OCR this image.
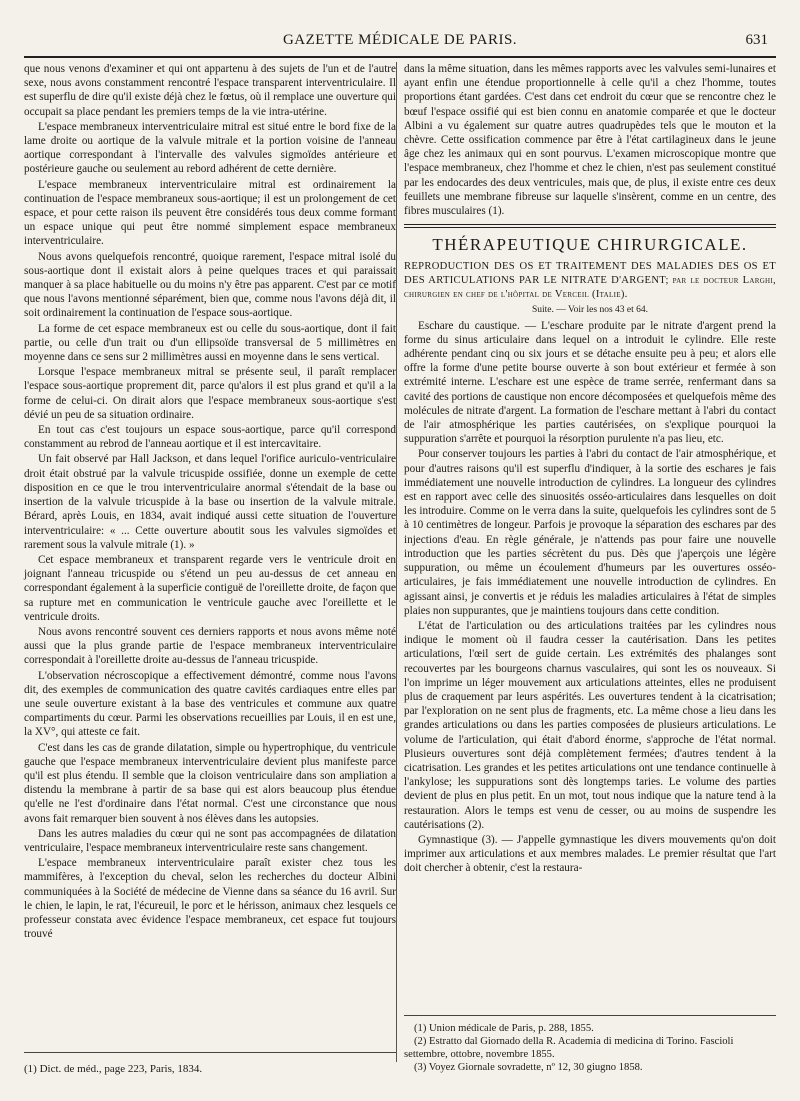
GAZETTE MÉDICALE DE PARIS.	631

que nous venons d'examiner et qui ont appartenu à des sujets de l'un et de l'autre sexe, nous avons constamment rencontré l'espace transparent interventriculaire. Il est superflu de dire qu'il existe déjà chez le fœtus, où il remplace une ouverture qui occupait sa place pendant les premiers temps de la vie intra-utérine.

L'espace membraneux interventriculaire mitral est situé entre le bord fixe de la lame droite ou aortique de la valvule mitrale et la portion voisine de l'anneau aortique correspondant à l'intervalle des valvules sigmoïdes antérieure et postérieure gauche ou seulement au rebord adhérent de cette dernière.

L'espace membraneux interventriculaire mitral est ordinairement la continuation de l'espace membraneux sous-aortique; il est un prolongement de cet espace, et pour cette raison ils peuvent être considérés tous deux comme formant un espace unique qui peut être nommé simplement espace membraneux interventriculaire.

Nous avons quelquefois rencontré, quoique rarement, l'espace mitral isolé du sous-aortique dont il existait alors à peine quelques traces et qui paraissait manquer à sa place habituelle ou du moins n'y être pas apparent. C'est par ce motif que nous l'avons mentionné séparément, bien que, comme nous l'avons déjà dit, il soit ordinairement la continuation de l'espace sous-aortique.

La forme de cet espace membraneux est ou celle du sous-aortique, dont il fait partie, ou celle d'un trait ou d'un ellipsoïde transversal de 5 millimètres en moyenne dans ce sens sur 2 millimètres aussi en moyenne dans le sens vertical.

Lorsque l'espace membraneux mitral se présente seul, il paraît remplacer l'espace sous-aortique proprement dit, parce qu'alors il est plus grand et qu'il a la forme de celui-ci. On dirait alors que l'espace membraneux sous-aortique s'est dévié un peu de sa situation ordinaire.

En tout cas c'est toujours un espace sous-aortique, parce qu'il correspond constamment au rebrod de l'anneau aortique et il est intercavitaire.

Un fait observé par Hall Jackson, et dans lequel l'orifice auriculo-ventriculaire droit était obstrué par la valvule tricuspide ossifiée, donne un exemple de cette disposition en ce que le trou interventriculaire anormal s'étendait de la base ou insertion de la valvule tricuspide à la base ou insertion de la valvule mitrale. Bérard, après Louis, en 1834, avait indiqué aussi cette situation de l'ouverture interventriculaire: « ... Cette ouverture aboutit sous les valvules sigmoïdes et rarement sous la valvule mitrale (1). »

Cet espace membraneux et transparent regarde vers le ventricule droit en joignant l'anneau tricuspide ou s'étend un peu au-dessus de cet anneau en correspondant également à la superficie contiguë de l'oreillette droite, de façon que sa rupture met en communication le ventricule gauche avec l'oreillette et le ventricule droits.

Nous avons rencontré souvent ces derniers rapports et nous avons même noté aussi que la plus grande partie de l'espace membraneux interventriculaire correspondait à l'oreillette droite au-dessus de l'anneau tricuspide.

L'observation nécroscopique a effectivement démontré, comme nous l'avons dit, des exemples de communication des quatre cavités cardiaques entre elles par une seule ouverture existant à la base des ventricules et commune aux quatre compartiments du cœur. Parmi les observations recueillies par Louis, il en est une, la XV°, qui atteste ce fait.

C'est dans les cas de grande dilatation, simple ou hypertrophique, du ventricule gauche que l'espace membraneux interventriculaire devient plus manifeste parce qu'il est plus étendu. Il semble que la cloison ventriculaire dans son ampliation a distendu la membrane à partir de sa base qui est alors beaucoup plus étendue qu'elle ne l'est d'ordinaire dans l'état normal. C'est une circonstance que nous avons fait remarquer bien souvent à nos élèves dans les autopsies.

Dans les autres maladies du cœur qui ne sont pas accompagnées de dilatation ventriculaire, l'espace membraneux interventriculaire reste sans changement.

L'espace membraneux interventriculaire paraît exister chez tous les mammifères, à l'exception du cheval, selon les recherches du docteur Albini communiquées à la Société de médecine de Vienne dans sa séance du 16 avril. Sur le chien, le lapin, le rat, l'écureuil, le porc et le hérisson, animaux chez lesquels ce professeur constata avec évidence l'espace membraneux, cet espace fut toujours trouvé

dans la même situation, dans les mêmes rapports avec les valvules semi-lunaires et ayant enfin une étendue proportionnelle à celle qu'il a chez l'homme, toutes proportions étant gardées. C'est dans cet endroit du cœur que se rencontre chez le bœuf l'espace ossifié qui est bien connu en anatomie comparée et que le docteur Albini a vu également sur quatre autres quadrupèdes tels que le mouton et la chèvre. Cette ossification commence par être à l'état cartilagineux dans le jeune âge chez les animaux qui en sont pourvus. L'examen microscopique montre que l'espace membraneux, chez l'homme et chez le chien, n'est pas seulement constitué par les endocardes des deux ventricules, mais que, de plus, il existe entre ces deux feuillets une membrane fibreuse sur laquelle s'insèrent, comme en un centre, des fibres musculaires (1).

THÉRAPEUTIQUE CHIRURGICALE.

REPRODUCTION DES OS ET TRAITEMENT DES MALADIES DES OS ET DES ARTICULATIONS PAR LE NITRATE D'ARGENT; par le docteur Larghi, chirurgien en chef de l'hôpital de Verceil (Italie).

Suite. — Voir les nos 43 et 64.

Eschare du caustique. — L'eschare produite par le nitrate d'argent prend la forme du sinus articulaire dans lequel on a introduit le cylindre. Elle reste adhérente pendant cinq ou six jours et se détache ensuite peu à peu; et alors elle offre la forme d'une petite bourse ouverte à son bout extérieur et fermée à son extrémité interne. L'eschare est une espèce de trame serrée, renfermant dans sa cavité des portions de caustique non encore décomposées et quelquefois même des molécules de nitrate d'argent. La formation de l'eschare mettant à l'abri du contact de l'air atmosphérique les parties cautérisées, on s'explique pourquoi la suppuration s'arrête et pourquoi la résorption purulente n'a pas lieu, etc.

Pour conserver toujours les parties à l'abri du contact de l'air atmosphérique, et pour d'autres raisons qu'il est superflu d'indiquer, à la sortie des eschares je fais immédiatement une nouvelle introduction de cylindres. La longueur des cylindres est en rapport avec celle des sinuosités osséo-articulaires dans lesquelles on doit les introduire. Comme on le verra dans la suite, quelquefois les cylindres sont de 5 à 10 centimètres de longeur. Parfois je provoque la séparation des eschares par des injections d'eau. En règle générale, je n'attends pas pour faire une nouvelle introduction que les parties sécrètent du pus. Dès que j'aperçois une légère suppuration, ou même un écoulement d'humeurs par les ouvertures osséo-articulaires, je fais immédiatement une nouvelle introduction de cylindres. En agissant ainsi, je convertis et je réduis les maladies articulaires à l'état de simples plaies non suppurantes, que je maintiens toujours dans cette condition.

L'état de l'articulation ou des articulations traitées par les cylindres nous indique le moment où il faudra cesser la cautérisation. Dans les petites articulations, l'œil sert de guide certain. Les extrémités des phalanges sont recouvertes par les bourgeons charnus vasculaires, qui sont les os nouveaux. Si l'on imprime un léger mouvement aux articulations atteintes, elles ne produisent plus de craquement par leurs aspérités. Les ouvertures tendent à la cicatrisation; par l'exploration on ne sent plus de fragments, etc. La même chose a lieu dans les grandes articulations ou dans les parties composées de plusieurs articulations. Le volume de l'articulation, qui était d'abord énorme, s'approche de l'état normal. Plusieurs ouvertures sont déjà complètement fermées; d'autres tendent à la cicatrisation. Les grandes et les petites articulations ont une tendance continuelle à l'ankylose; les suppurations sont dès longtemps taries. Le volume des parties devient de plus en plus petit. En un mot, tout nous indique que la nature tend à la restauration. Alors le temps est venu de cesser, ou au moins de suspendre les cautérisations (2).

Gymnastique (3). — J'appelle gymnastique les divers mouvements qu'on doit imprimer aux articulations et aux membres malades. Le premier résultat que l'art doit chercher à obtenir, c'est la restaura-

(1) Dict. de méd., page 223, Paris, 1834.
(1) Union médicale de Paris, p. 288, 1855.
(2) Estratto dal Giornado della R. Academia di medicina di Torino. Fascioli settembre, ottobre, novembre 1855.
(3) Voyez Giornale sovradette, nº 12, 30 giugno 1858.
